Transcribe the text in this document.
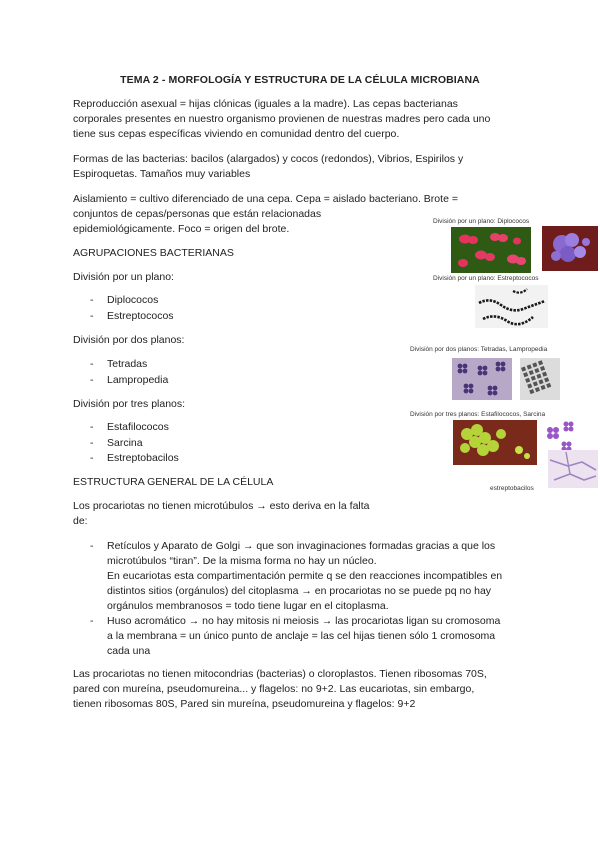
TEMA 2 - MORFOLOGÍA Y ESTRUCTURA DE LA CÉLULA MICROBIANA
Reproducción asexual = hijas clónicas (iguales a la madre). Las cepas bacterianas
corporales presentes en nuestro organismo provienen de nuestras madres pero cada uno
tiene sus cepas específicas viviendo en comunidad dentro del cuerpo.
Formas de las bacterias: bacilos (alargados) y cocos (redondos), Vibrios, Espirilos y
Espiroquetas. Tamaños muy variables
Aislamiento = cultivo diferenciado de una cepa. Cepa = aislado bacteriano. Brote =
conjuntos de cepas/personas que están relacionadas
epidemiológicamente. Foco = origen del brote.
AGRUPACIONES BACTERIANAS
División por un plano:
- Diplococos
- Estreptococos
División por dos planos:
- Tetradas
- Lampropedia
División por tres planos:
- Estafilococos
- Sarcina
- Estreptobacilos
ESTRUCTURA GENERAL DE LA CÉLULA
Los procariotas no tienen microtúbulos → esto deriva en la falta
de:
- Retículos y Aparato de Golgi → que son invaginaciones formadas gracias a que los
microtúbulos “tiran”. De la misma forma no hay un núcleo.
En eucariotas esta compartimentación permite q se den reacciones incompatibles en
distintos sitios (orgánulos) del citoplasma → en procariotas no se puede pq no hay
orgánulos membranosos = todo tiene lugar en el citoplasma.
- Huso acromático → no hay mitosis ni meiosis → las procariotas ligan su cromosoma
a la membrana = un único punto de anclaje = las cel hijas tienen sólo 1 cromosoma
cada una
Las procariotas no tienen mitocondrias (bacterias) o cloroplastos. Tienen ribosomas 70S,
pared con mureína, pseudomureina... y flagelos: no 9+2. Las eucariotas, sin embargo,
tienen ribosomas 80S, Pared sin mureína, pseudomureina y flagelos: 9+2
División por un plano: Diplococos
División por un plano: Estreptococos
División por dos planos: Tetradas, Lampropedia
División por tres planos: Estafilococos, Sarcina
estreptobacilos
